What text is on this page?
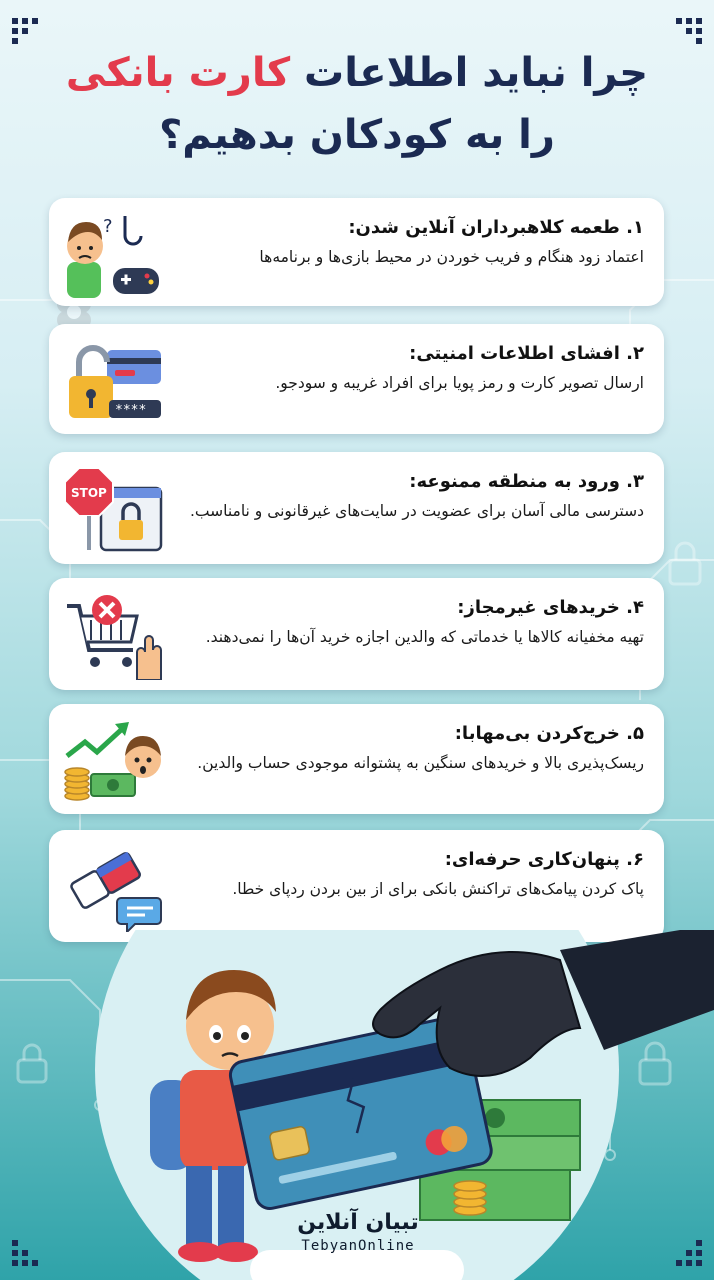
چرا نباید اطلاعات کارت بانکی
را به کودکان بدهیم؟
?	۱. طعمه کلاهبرداران آنلاین شدن:
اعتماد زود هنگام و فریب خوردن در محیط بازی‌ها و برنامه‌ها
****
۲. افشای اطلاعات امنیتی:
ارسال تصویر کارت و رمز پویا برای افراد غریبه و سودجو.
STOP
۳. ورود به منطقه ممنوعه:
دسترسی مالی آسان برای عضویت در سایت‌های غیرقانونی و نامناسب.
۴. خریدهای غیرمجاز:
تهیه مخفیانه کالاها یا خدماتی که والدین اجازه خرید آن‌ها را نمی‌دهند.
۵. خرج‌کردن بی‌مهابا:
ریسک‌پذیری بالا و خریدهای سنگین به پشتوانه موجودی حساب والدین.
۶. پنهان‌کاری حرفه‌ای:
پاک کردن پیامک‌های تراکنش بانکی برای از بین بردن ردپای خطا.
تبیان آنلاین
TebyanOnline
